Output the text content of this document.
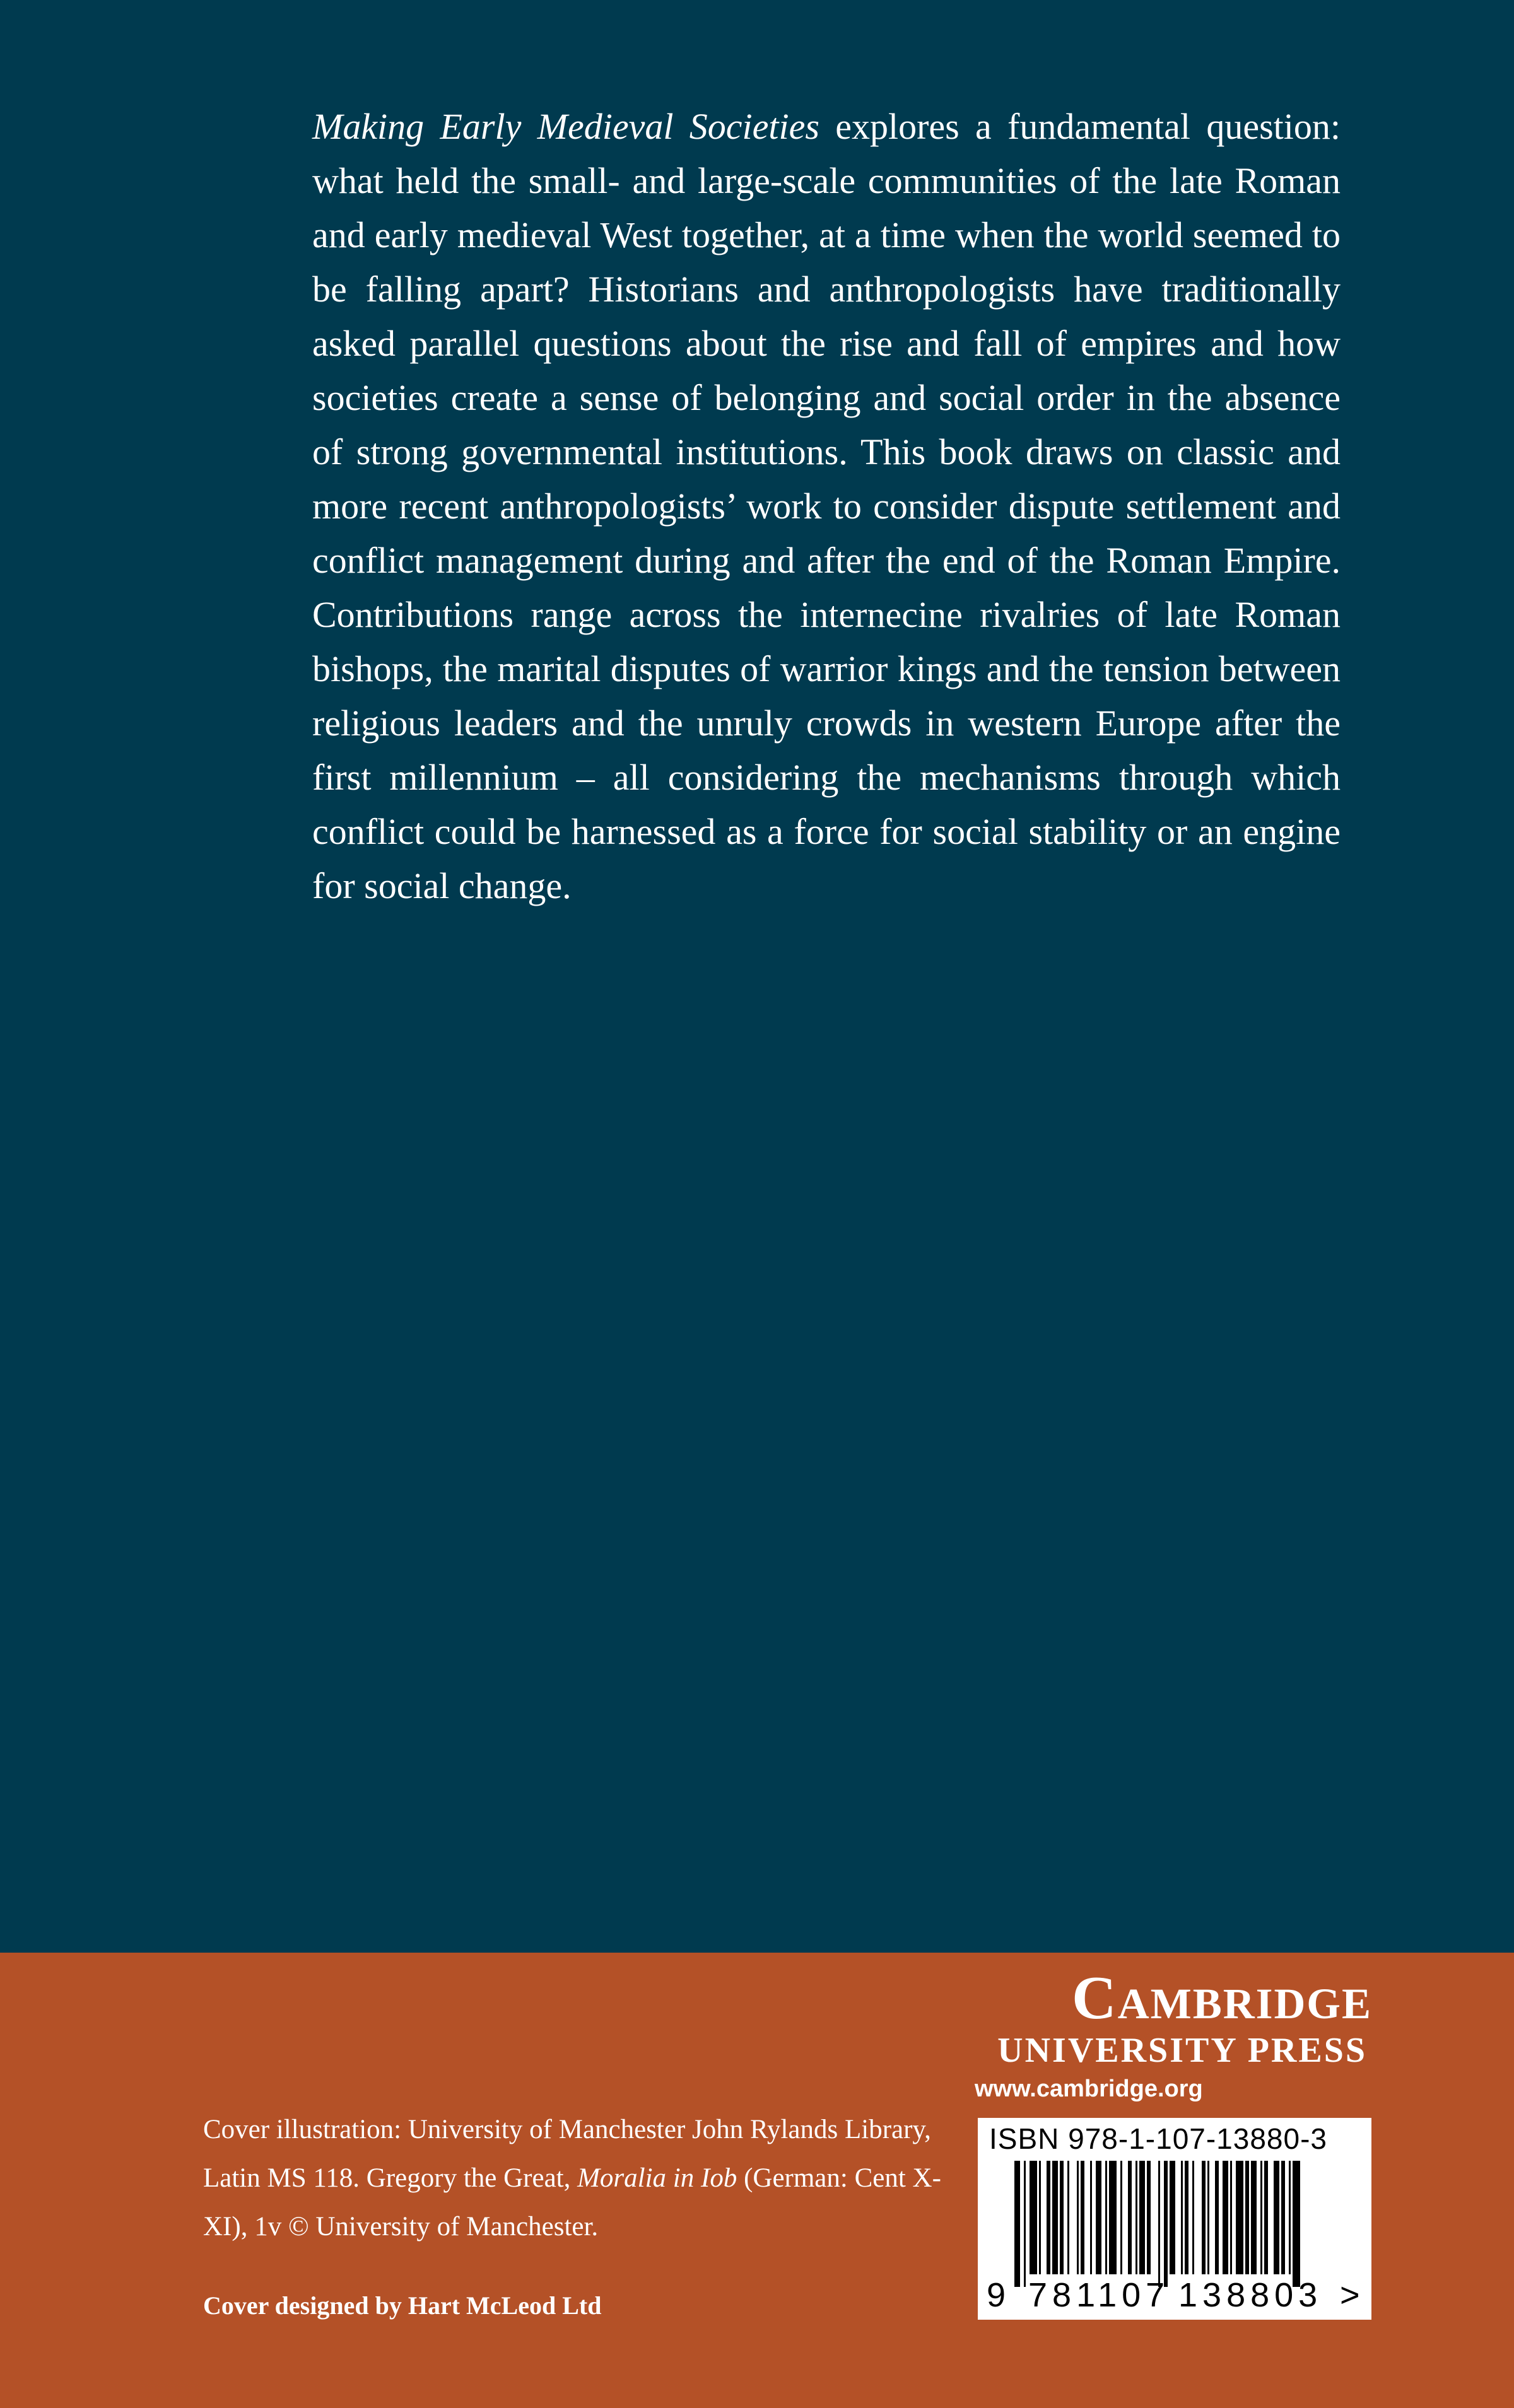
Making Early Medieval Societies explores a fundamental question: what held the small- and large-scale communities of the late Roman and early medieval West together, at a time when the world seemed to be falling apart? Historians and anthropologists have traditionally asked parallel questions about the rise and fall of empires and how societies create a sense of belonging and social order in the absence of strong governmental institutions. This book draws on classic and more recent anthropologists’ work to consider dispute settlement and conflict management during and after the end of the Roman Empire. Contributions range across the internecine rivalries of late Roman bishops, the marital disputes of warrior kings and the tension between religious leaders and the unruly crowds in western Europe after the first millennium – all considering the mechanisms through which conflict could be harnessed as a force for social stability or an engine for social change.

Cover illustration: University of Manchester John Rylands Library, Latin MS 118. Gregory the Great, Moralia in Iob (German: Cent X-XI), 1v © University of Manchester.

Cover designed by Hart McLeod Ltd
Cambridge
UNIVERSITY PRESS
www.cambridge.org
ISBN 978-1-107-13880-3
9 781107 138803 >
